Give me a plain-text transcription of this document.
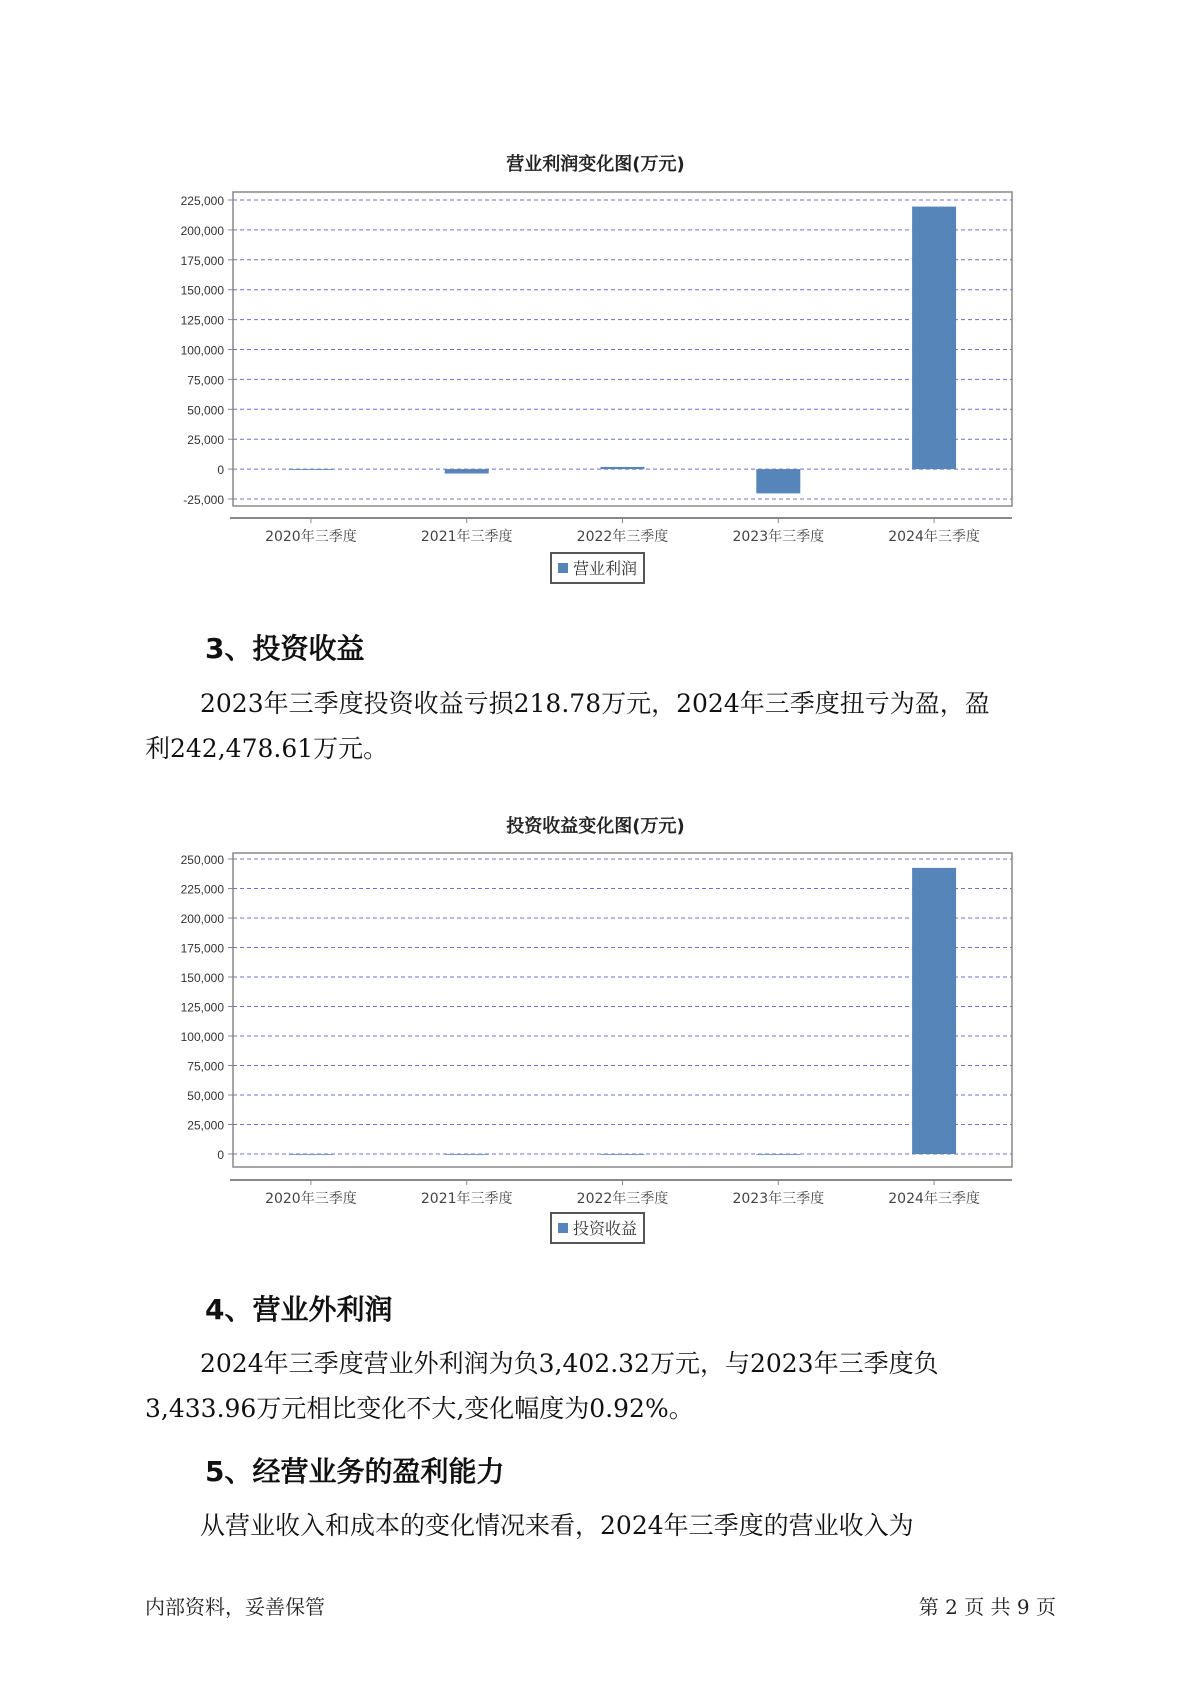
营业利润变化图(万元)
225,000
200,000
175,000
150,000
125,000
100,000
75,000
50,000
25,000
0
-25,000
2020年三季度	2021年三季度	2022年三季度	2023年三季度	2024年三季度
营业利润
3、投资收益
2023年三季度投资收益亏损218.78万元，2024年三季度扭亏为盈，盈
利242,478.61万元。
投资收益变化图(万元)
250,000
225,000
200,000
175,000
150,000
125,000
100,000
75,000
50,000
25,000
0
2020年三季度	2021年三季度	2022年三季度	2023年三季度	2024年三季度
投资收益
4、营业外利润
2024年三季度营业外利润为负3,402.32万元，与2023年三季度负
3,433.96万元相比变化不大,变化幅度为0.92%。
5、经营业务的盈利能力
从营业收入和成本的变化情况来看，2024年三季度的营业收入为
内部资料，妥善保管	第 2 页 共 9 页
